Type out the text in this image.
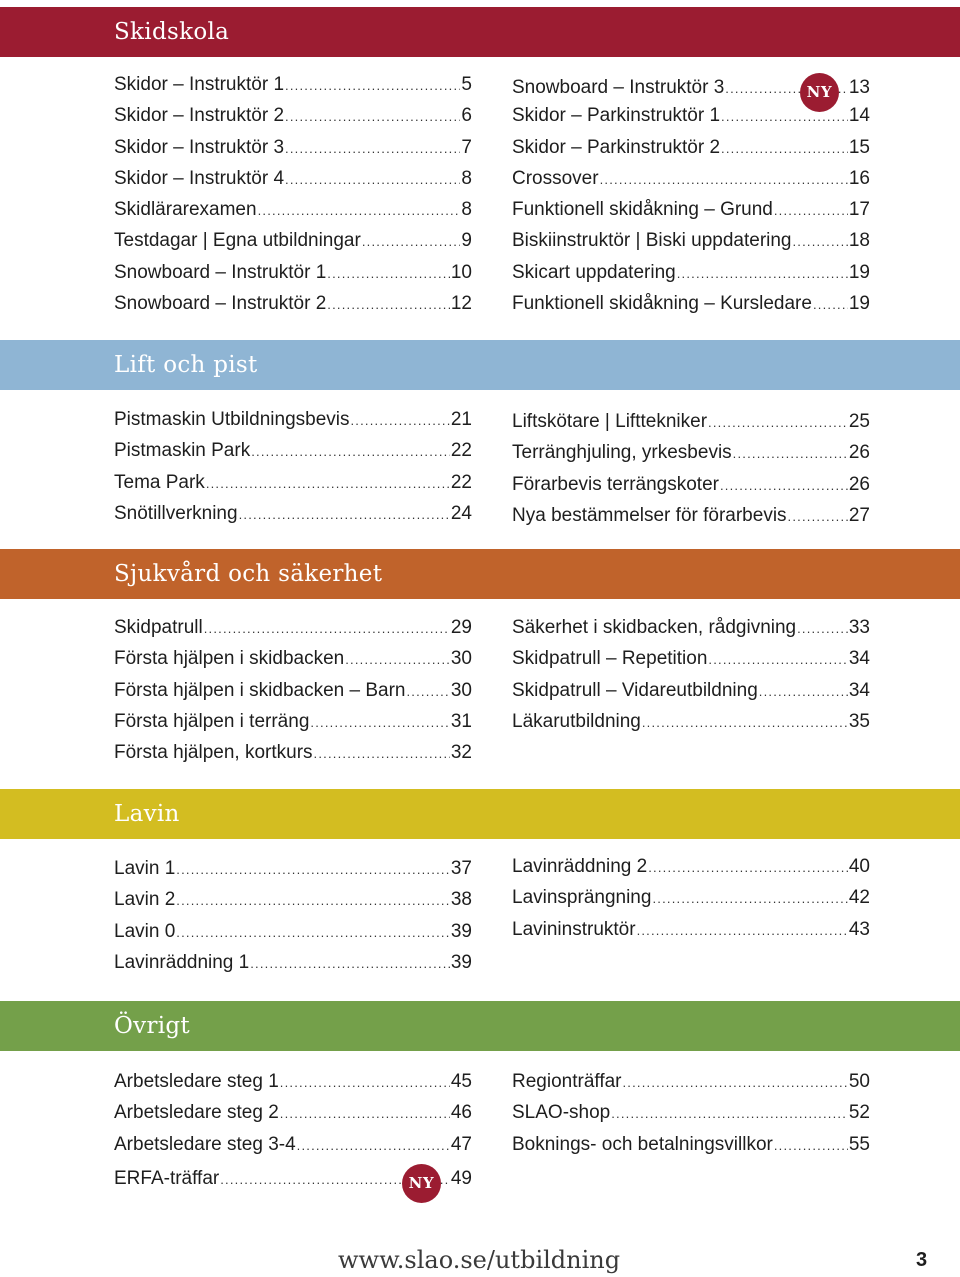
Skidskola
Lift och pist
Sjukvård och säkerhet
Lavin
Övrigt
Skidor – Instruktör 1 .....	5
Skidor – Instruktör 2 .....	6
Skidor – Instruktör 3 .....	7
Skidor – Instruktör 4 .....	8
Skidlärarexamen .....	8
Testdagar | Egna utbildningar .....	9
Snowboard – Instruktör 1 .....	10
Snowboard – Instruktör 2 .....	12
Snowboard – Instruktör 3 .....	NY ..... 13
Skidor – Parkinstruktör 1 .....	14
Skidor – Parkinstruktör 2 .....	15
Crossover .....	16
Funktionell skidåkning – Grund .....	17
Biskiinstruktör | Biski uppdatering .....	18
Skicart uppdatering .....	19
Funktionell skidåkning – Kursledare ..... 19
Pistmaskin Utbildningsbevis .....	21
Pistmaskin Park .....	22
Tema Park .....	22
Snötillverkning .....	24
Liftskötare | Lifttekniker .....	25
Terränghjuling, yrkesbevis .....	26
Förarbevis terrängskoter .....	26
Nya bestämmelser för förarbevis .....	27
Skidpatrull .....	29
Första hjälpen i skidbacken .....	30
Första hjälpen i skidbacken – Barn ..... 30
Första hjälpen i terräng .....	31
Första hjälpen, kortkurs .....	32
Säkerhet i skidbacken, rådgivning .....	33
Skidpatrull – Repetition .....	34
Skidpatrull – Vidareutbildning .....	34
Läkarutbildning .....	35
Lavin 1 .....	37
Lavin 2 .....	38
Lavin 0 .....	39
Lavinräddning 1 .....	39
Lavinräddning 2 .....	40
Lavinsprängning .....	42
Lavininstruktör .....	43
Arbetsledare steg 1 .....	45
Arbetsledare steg 2 .....	46
Arbetsledare steg 3-4 .....	47
ERFA-träffar .....	NY ..... 49
Regionträffar .....	50
SLAO-shop .....	52
Boknings- och betalningsvillkor .....	55
www.slao.se/utbildning	3
